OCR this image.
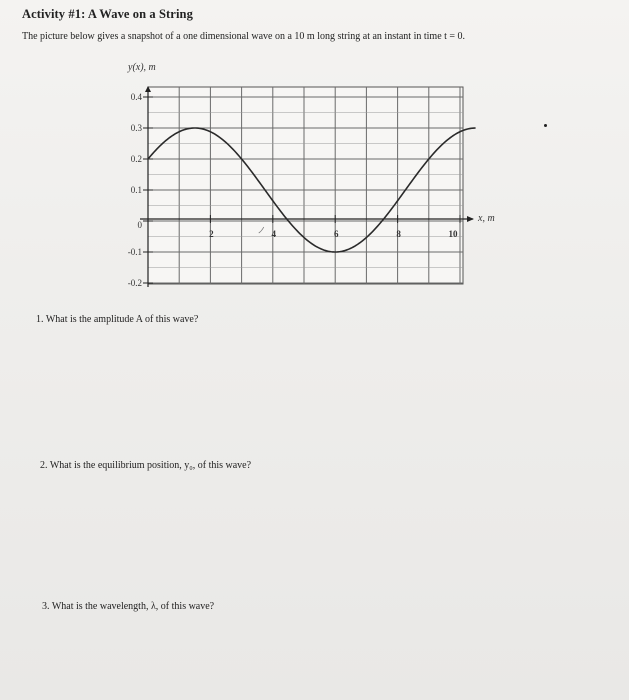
Activity #1: A Wave on a String
The picture below gives a snapshot of a one dimensional wave on a 10 m long string at an instant in time t = 0.
0.4
0.3
0.2
0.1
0
-0.1
-0.2
2	4	6	8	10
y(x), m
x, m
1. What is the amplitude A of this wave?
2. What is the equilibrium position, y₀, of this wave?
3. What is the wavelength, λ, of this wave?
